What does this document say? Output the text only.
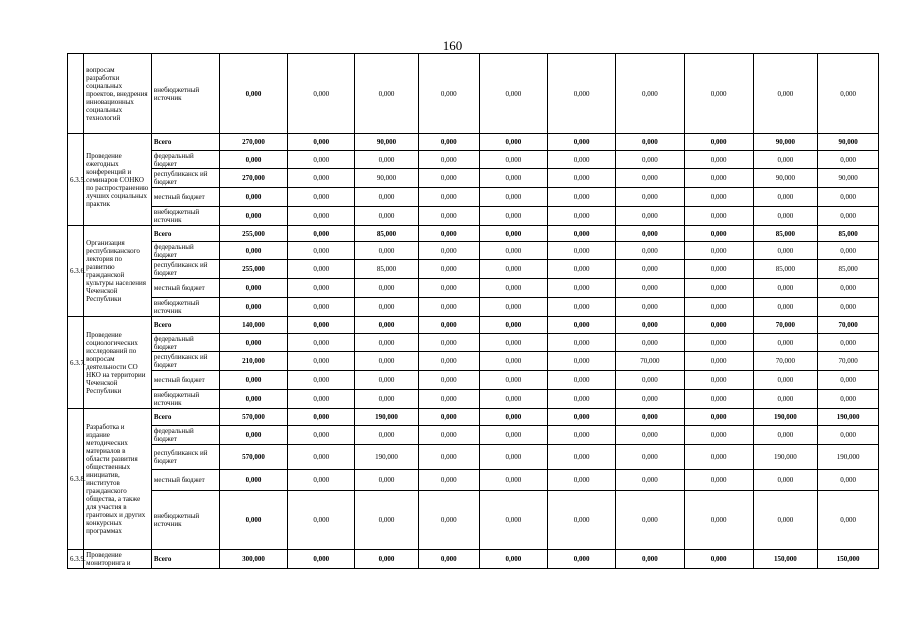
160
	вопросам разработки социальных проектов, внедрения инновационных социальных технологий	внебюджетный источник	0,000	0,000	0,000	0,000	0,000	0,000	0,000	0,000	0,000	0,000
6.3.5.	Проведение ежегодных конференций и семинаров СОНКО по распространению лучших социальных практик	Всего	270,000	0,000	90,000	0,000	0,000	0,000	0,000	0,000	90,000	90,000
		федеральный бюджет	0,000	0,000	0,000	0,000	0,000	0,000	0,000	0,000	0,000	0,000
		республиканск ий бюджет	270,000	0,000	90,000	0,000	0,000	0,000	0,000	0,000	90,000	90,000
		местный бюджет	0,000	0,000	0,000	0,000	0,000	0,000	0,000	0,000	0,000	0,000
		внебюджетный источник	0,000	0,000	0,000	0,000	0,000	0,000	0,000	0,000	0,000	0,000
6.3.6.	Организация республиканского лектория по развитию гражданской культуры населения Чеченской Республики	Всего	255,000	0,000	85,000	0,000	0,000	0,000	0,000	0,000	85,000	85,000
		федеральный бюджет	0,000	0,000	0,000	0,000	0,000	0,000	0,000	0,000	0,000	0,000
		республиканск ий бюджет	255,000	0,000	85,000	0,000	0,000	0,000	0,000	0,000	85,000	85,000
		местный бюджет	0,000	0,000	0,000	0,000	0,000	0,000	0,000	0,000	0,000	0,000
		внебюджетный источник	0,000	0,000	0,000	0,000	0,000	0,000	0,000	0,000	0,000	0,000
6.3.7.	Проведение социологических исследований по вопросам деятельности СО НКО на территории Чеченской Республики	Всего	140,000	0,000	0,000	0,000	0,000	0,000	0,000	0,000	70,000	70,000
		федеральный бюджет	0,000	0,000	0,000	0,000	0,000	0,000	0,000	0,000	0,000	0,000
		республиканск ий бюджет	210,000	0,000	0,000	0,000	0,000	0,000	70,000	0,000	70,000	70,000
		местный бюджет	0,000	0,000	0,000	0,000	0,000	0,000	0,000	0,000	0,000	0,000
		внебюджетный источник	0,000	0,000	0,000	0,000	0,000	0,000	0,000	0,000	0,000	0,000
6.3.8.	Разработка и издание методических материалов в области развития общественных инициатив, институтов гражданского общества, а также для участия в грантовых и других конкурсных программах	Всего	570,000	0,000	190,000	0,000	0,000	0,000	0,000	0,000	190,000	190,000
		федеральный бюджет	0,000	0,000	0,000	0,000	0,000	0,000	0,000	0,000	0,000	0,000
		республиканск ий бюджет	570,000	0,000	190,000	0,000	0,000	0,000	0,000	0,000	190,000	190,000
		местный бюджет	0,000	0,000	0,000	0,000	0,000	0,000	0,000	0,000	0,000	0,000
		внебюджетный источник	0,000	0,000	0,000	0,000	0,000	0,000	0,000	0,000	0,000	0,000
6.3.9.	Проведение мониторинга и	Всего	300,000	0,000	0,000	0,000	0,000	0,000	0,000	0,000	150,000	150,000
